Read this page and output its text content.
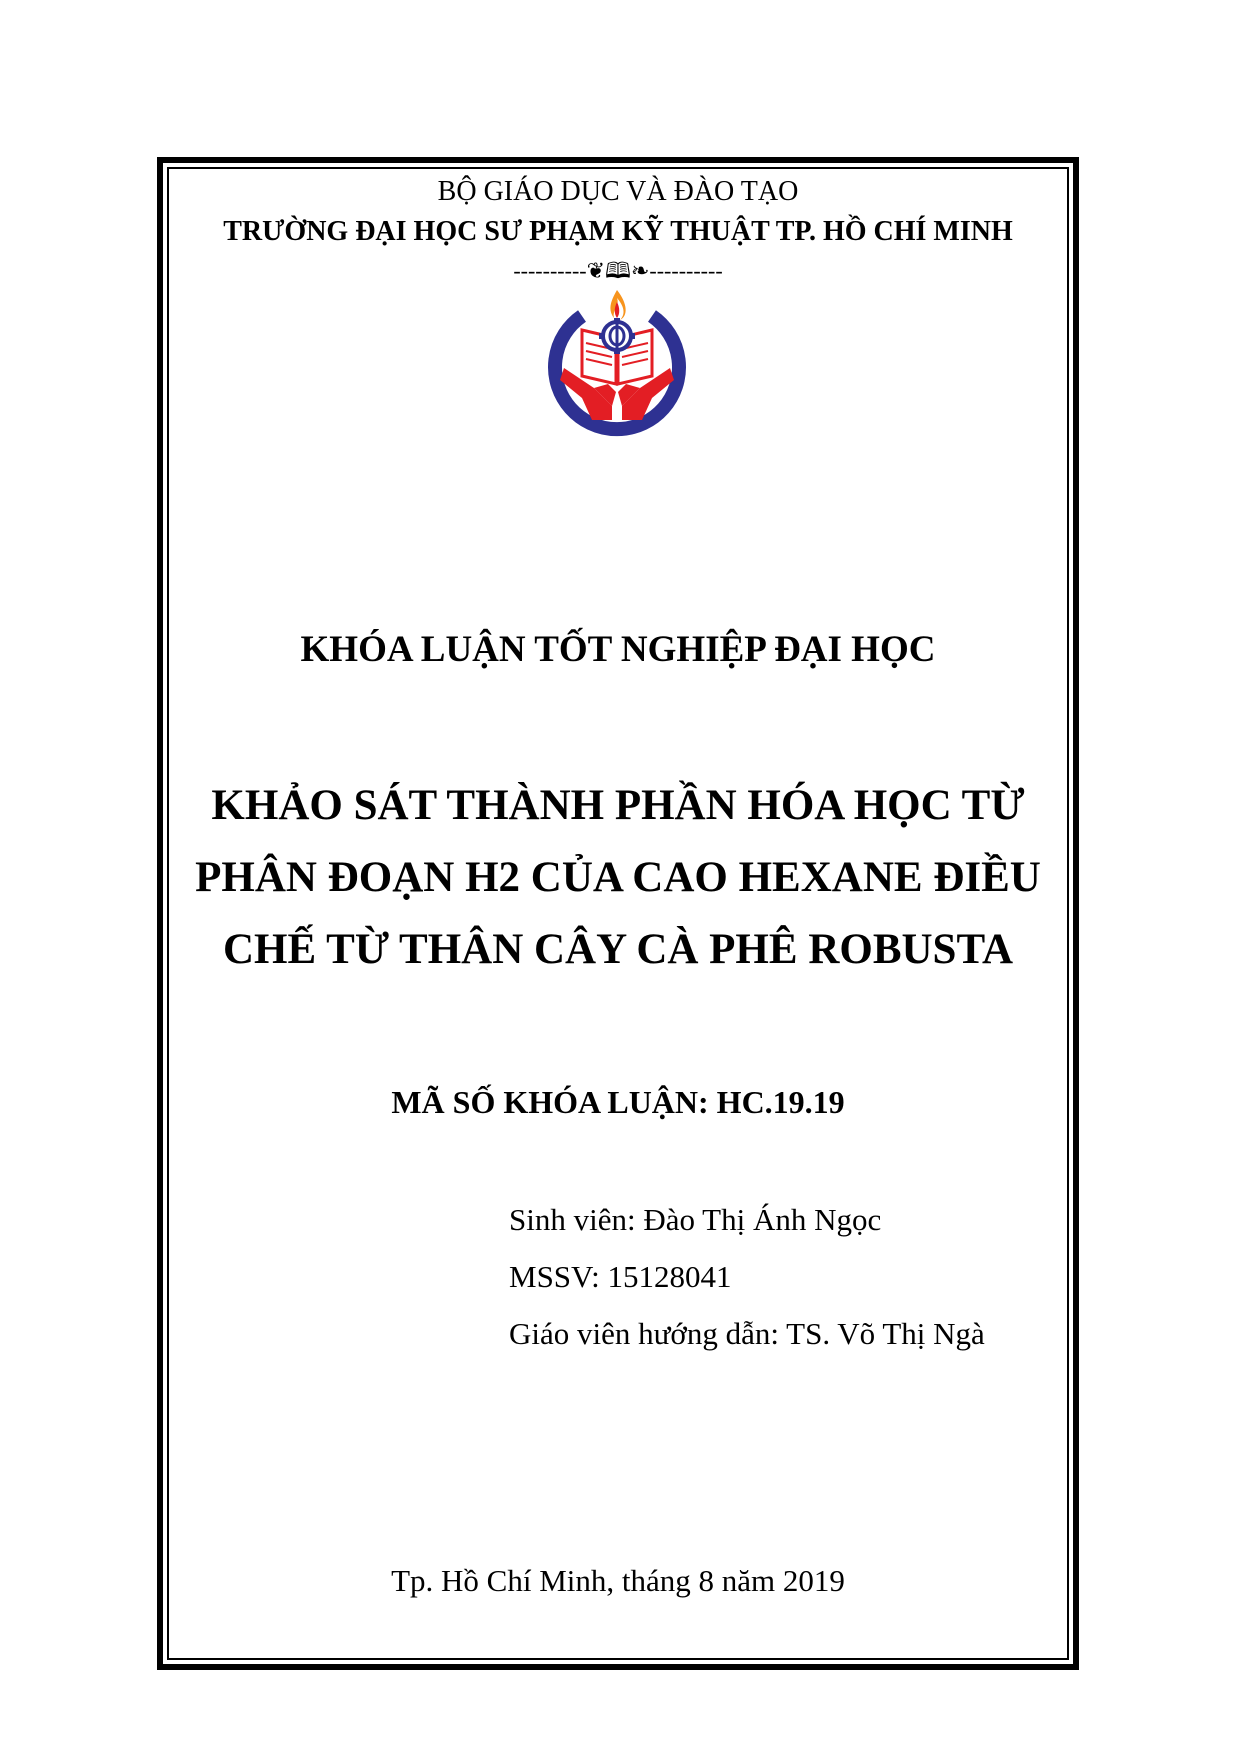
BỘ GIÁO DỤC VÀ ĐÀO TẠO
TRƯỜNG ĐẠI HỌC SƯ PHẠM KỸ THUẬT TP. HỒ CHÍ MINH
----------❦🕮❧----------
KHÓA LUẬN TỐT NGHIỆP ĐẠI HỌC
KHẢO SÁT THÀNH PHẦN HÓA HỌC TỪ
PHÂN ĐOẠN H2 CỦA CAO HEXANE ĐIỀU
CHẾ TỪ THÂN CÂY CÀ PHÊ ROBUSTA
MÃ SỐ KHÓA LUẬN: HC.19.19
Sinh viên: Đào Thị Ánh Ngọc
MSSV: 15128041
Giáo viên hướng dẫn: TS. Võ Thị Ngà
Tp. Hồ Chí Minh, tháng 8 năm 2019
